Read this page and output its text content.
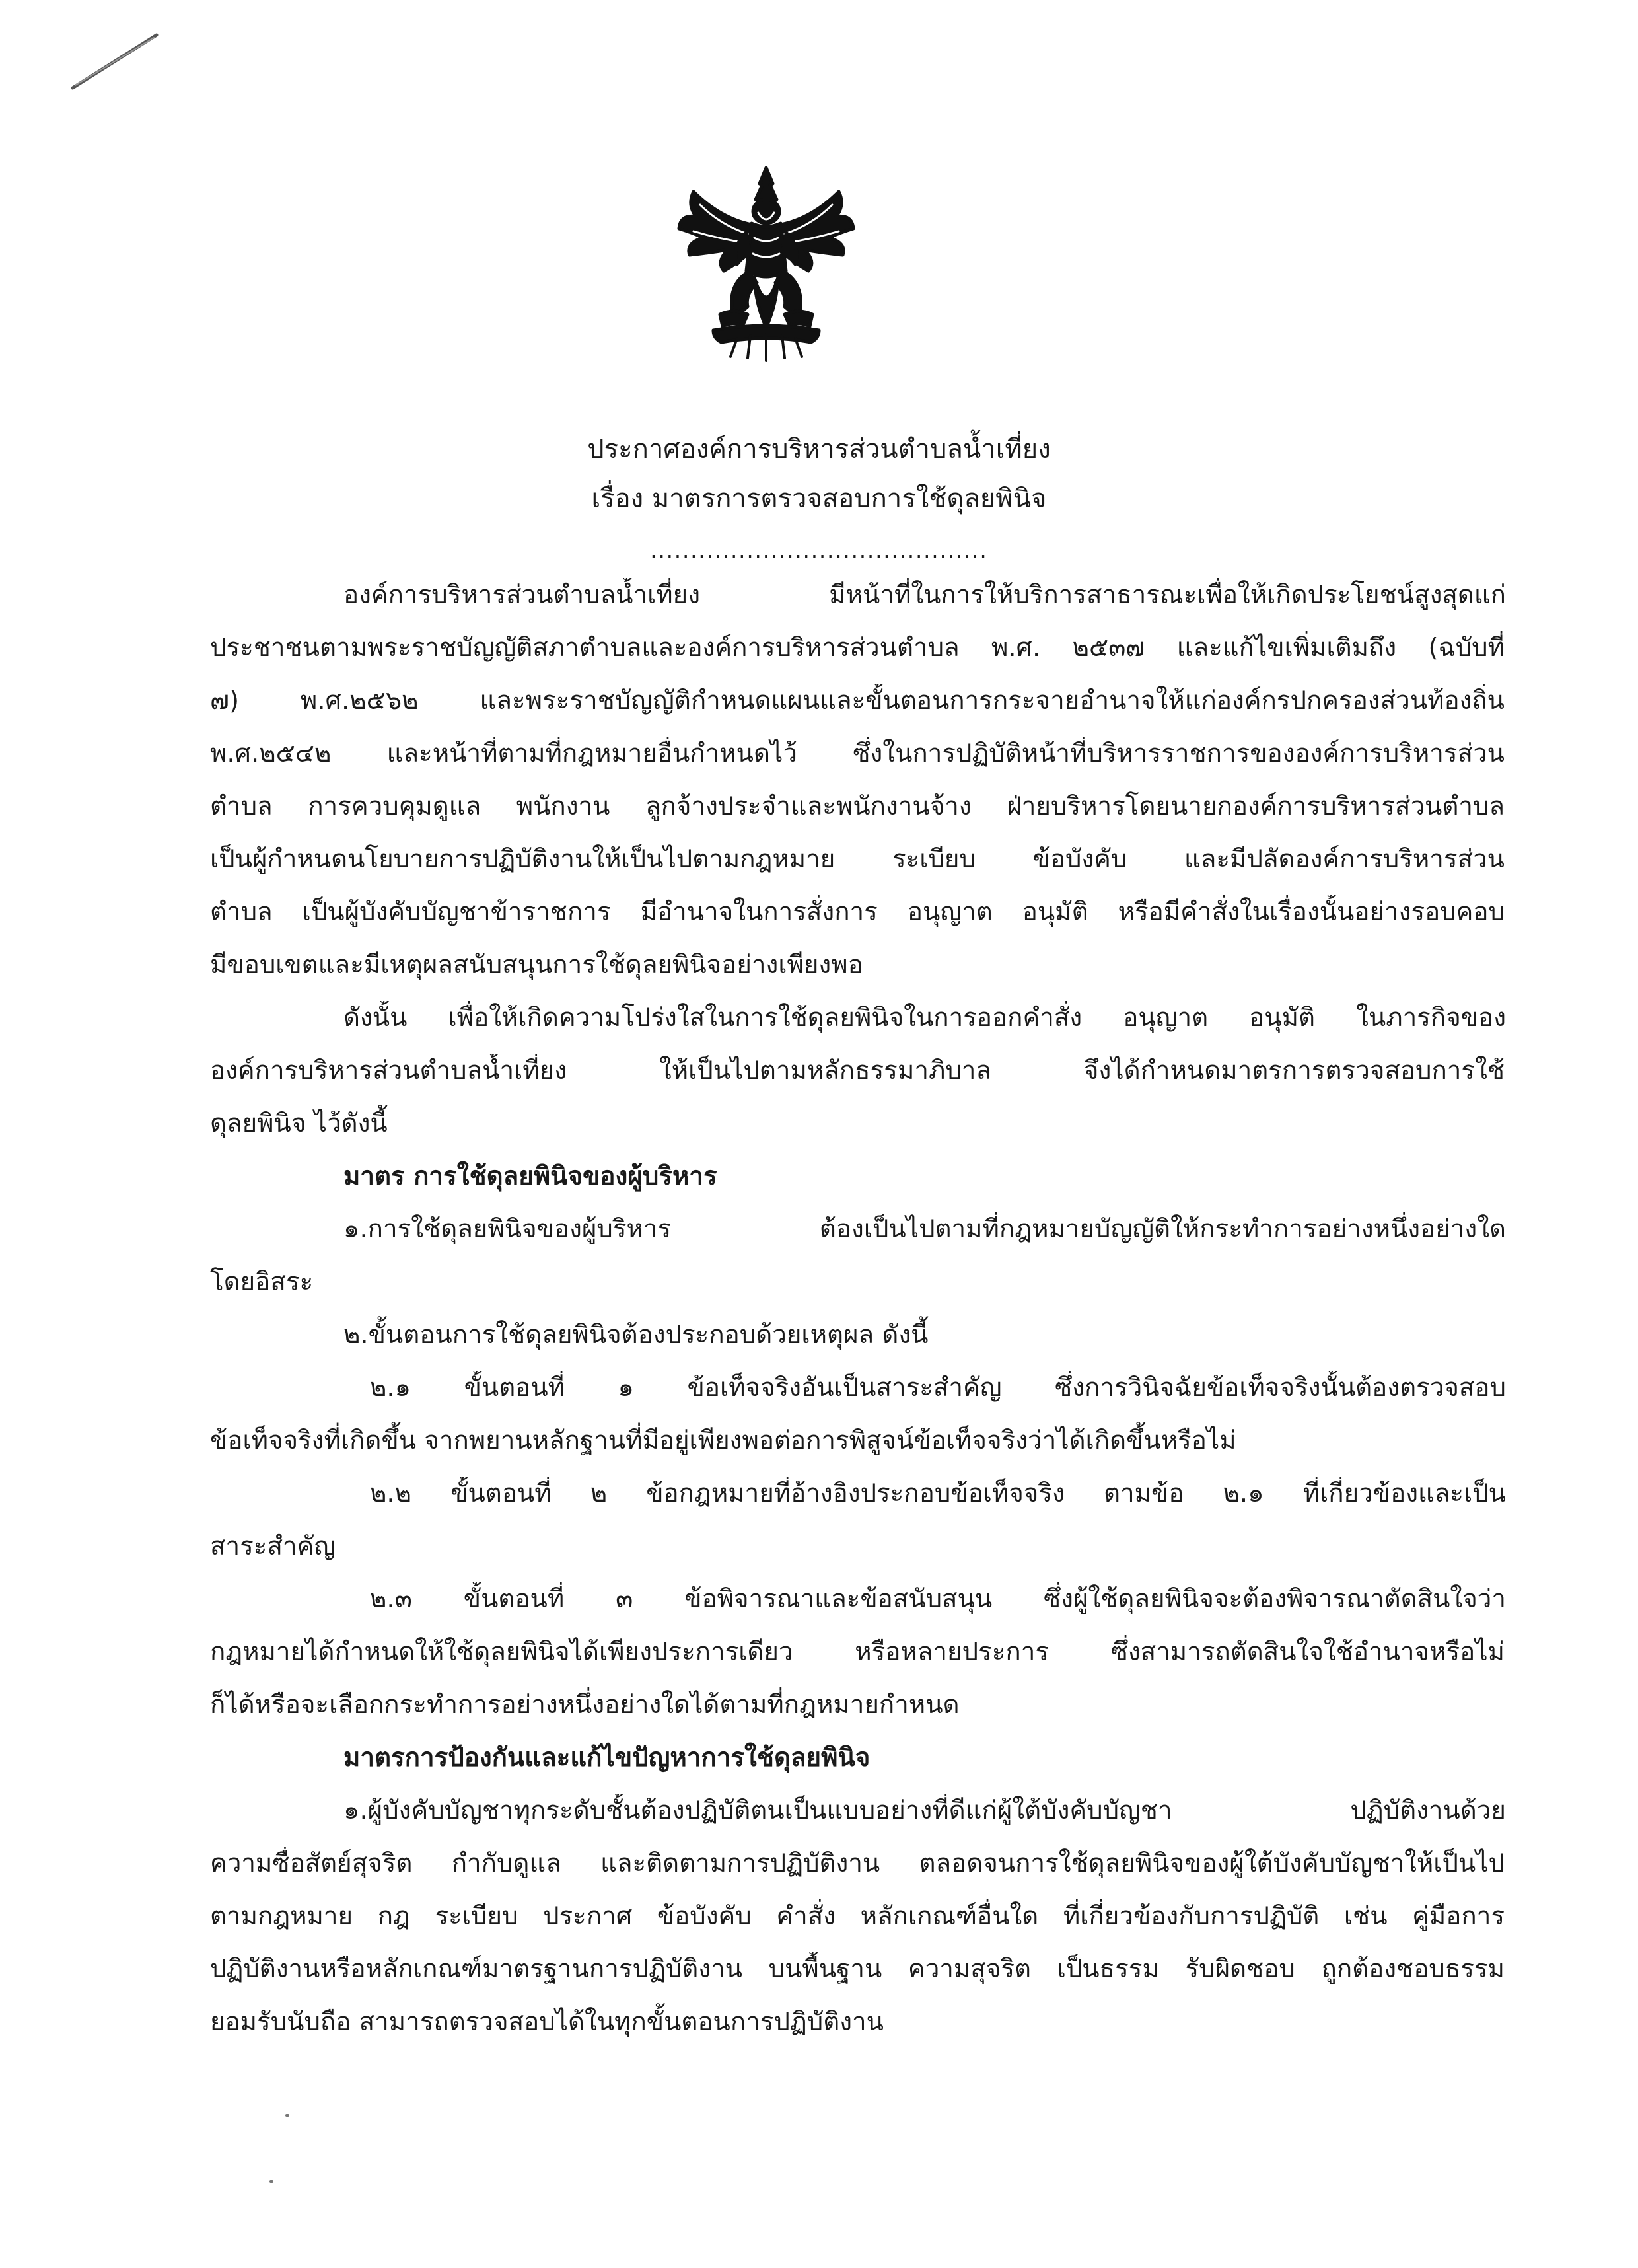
ประกาศองค์การบริหารส่วนตำบลน้ำเที่ยง
เรื่อง มาตรการตรวจสอบการใช้ดุลยพินิจ
..........................................
องค์การบริหารส่วนตำบลน้ำเที่ยง มีหน้าที่ในการให้บริการสาธารณะเพื่อให้เกิดประโยชน์สูงสุดแก่
ประชาชนตามพระราชบัญญัติสภาตำบลและองค์การบริหารส่วนตำบล พ.ศ. ๒๕๓๗ และแก้ไขเพิ่มเติมถึง (ฉบับที่
๗) พ.ศ.๒๕๖๒ และพระราชบัญญัติกำหนดแผนและขั้นตอนการกระจายอำนาจให้แก่องค์กรปกครองส่วนท้องถิ่น
พ.ศ.๒๕๔๒ และหน้าที่ตามที่กฎหมายอื่นกำหนดไว้ ซึ่งในการปฏิบัติหน้าที่บริหารราชการขององค์การบริหารส่วน
ตำบล การควบคุมดูแล พนักงาน ลูกจ้างประจำและพนักงานจ้าง ฝ่ายบริหารโดยนายกองค์การบริหารส่วนตำบล
เป็นผู้กำหนดนโยบายการปฏิบัติงานให้เป็นไปตามกฎหมาย ระเบียบ ข้อบังคับ และมีปลัดองค์การบริหารส่วน
ตำบล เป็นผู้บังคับบัญชาข้าราชการ มีอำนาจในการสั่งการ อนุญาต อนุมัติ หรือมีคำสั่งในเรื่องนั้นอย่างรอบคอบ
มีขอบเขตและมีเหตุผลสนับสนุนการใช้ดุลยพินิจอย่างเพียงพอ
ดังนั้น เพื่อให้เกิดความโปร่งใสในการใช้ดุลยพินิจในการออกคำสั่ง อนุญาต อนุมัติ ในภารกิจของ
องค์การบริหารส่วนตำบลน้ำเที่ยง ให้เป็นไปตามหลักธรรมาภิบาล จึงได้กำหนดมาตรการตรวจสอบการใช้
ดุลยพินิจ ไว้ดังนี้
มาตร การใช้ดุลยพินิจของผู้บริหาร
๑.การใช้ดุลยพินิจของผู้บริหาร ต้องเป็นไปตามที่กฎหมายบัญญัติให้กระทำการอย่างหนึ่งอย่างใด
โดยอิสระ
๒.ขั้นตอนการใช้ดุลยพินิจต้องประกอบด้วยเหตุผล ดังนี้
๒.๑ ขั้นตอนที่ ๑ ข้อเท็จจริงอันเป็นสาระสำคัญ ซึ่งการวินิจฉัยข้อเท็จจริงนั้นต้องตรวจสอบ
ข้อเท็จจริงที่เกิดขึ้น จากพยานหลักฐานที่มีอยู่เพียงพอต่อการพิสูจน์ข้อเท็จจริงว่าได้เกิดขึ้นหรือไม่
๒.๒ ขั้นตอนที่ ๒ ข้อกฎหมายที่อ้างอิงประกอบข้อเท็จจริง ตามข้อ ๒.๑ ที่เกี่ยวข้องและเป็น
สาระสำคัญ
๒.๓ ขั้นตอนที่ ๓ ข้อพิจารณาและข้อสนับสนุน ซึ่งผู้ใช้ดุลยพินิจจะต้องพิจารณาตัดสินใจว่า
กฎหมายได้กำหนดให้ใช้ดุลยพินิจได้เพียงประการเดียว หรือหลายประการ ซึ่งสามารถตัดสินใจใช้อำนาจหรือไม่
ก็ได้หรือจะเลือกกระทำการอย่างหนึ่งอย่างใดได้ตามที่กฎหมายกำหนด
มาตรการป้องกันและแก้ไขปัญหาการใช้ดุลยพินิจ
๑.ผู้บังคับบัญชาทุกระดับชั้นต้องปฏิบัติตนเป็นแบบอย่างที่ดีแก่ผู้ใต้บังคับบัญชา ปฏิบัติงานด้วย
ความซื่อสัตย์สุจริต กำกับดูแล และติดตามการปฏิบัติงาน ตลอดจนการใช้ดุลยพินิจของผู้ใต้บังคับบัญชาให้เป็นไป
ตามกฎหมาย กฎ ระเบียบ ประกาศ ข้อบังคับ คำสั่ง หลักเกณฑ์อื่นใด ที่เกี่ยวข้องกับการปฏิบัติ เช่น คู่มือการ
ปฏิบัติงานหรือหลักเกณฑ์มาตรฐานการปฏิบัติงาน บนพื้นฐาน ความสุจริต เป็นธรรม รับผิดชอบ ถูกต้องชอบธรรม
ยอมรับนับถือ สามารถตรวจสอบได้ในทุกขั้นตอนการปฏิบัติงาน
